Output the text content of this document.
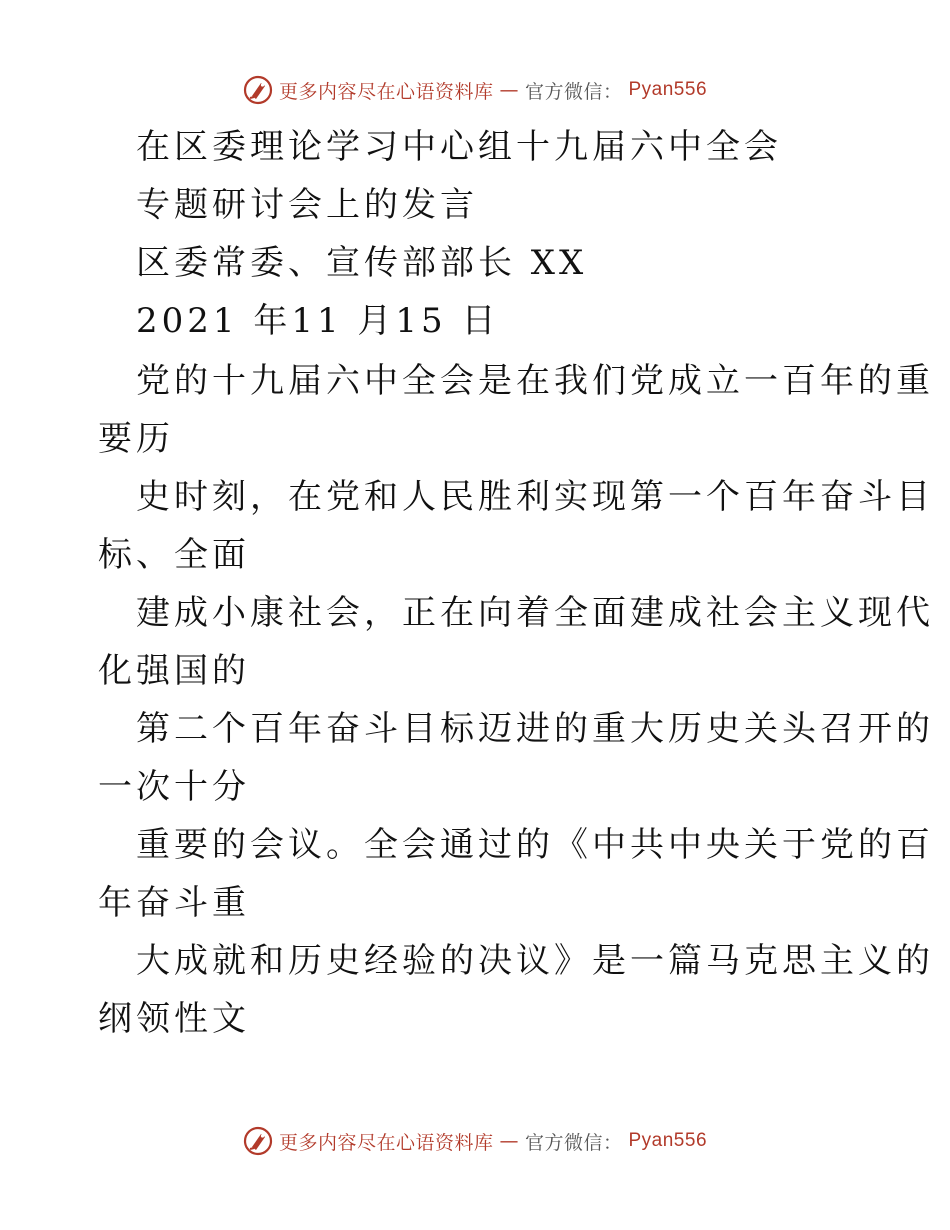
更多内容尽在心语资料库 — 官方微信： Pyan556
在区委理论学习中心组十九届六中全会
专题研讨会上的发言
区委常委、宣传部部长 XX
2021 年11 月15 日
党的十九届六中全会是在我们党成立一百年的重
要历
史时刻，在党和人民胜利实现第一个百年奋斗目
标、全面
建成小康社会，正在向着全面建成社会主义现代
化强国的
第二个百年奋斗目标迈进的重大历史关头召开的
一次十分
重要的会议。全会通过的《中共中央关于党的百
年奋斗重
大成就和历史经验的决议》是一篇马克思主义的
纲领性文
更多内容尽在心语资料库 — 官方微信： Pyan556
